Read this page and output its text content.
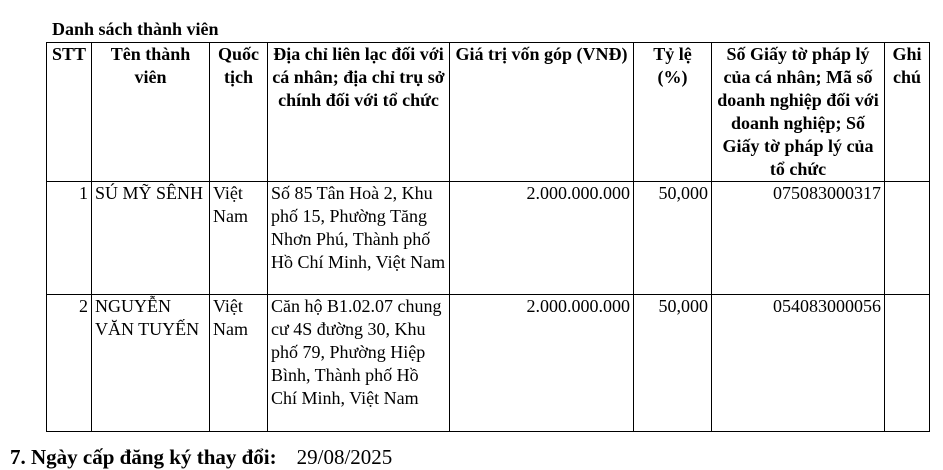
Danh sách thành viên
STT	Tên thành viên	Quốc tịch	Địa chỉ liên lạc đối với cá nhân; địa chỉ trụ sở chính đối với tổ chức	Giá trị vốn góp (VNĐ)	Tỷ lệ (%)	Số Giấy tờ pháp lý của cá nhân; Mã số doanh nghiệp đối với doanh nghiệp; Số Giấy tờ pháp lý của tổ chức	Ghi chú
1	SÚ MỸ SÊNH	Việt Nam	Số 85 Tân Hoà 2, Khu phố 15, Phường Tăng Nhơn Phú, Thành phố Hồ Chí Minh, Việt Nam	2.000.000.000	50,000	075083000317	
2	NGUYỄN VĂN TUYẾN	Việt Nam	Căn hộ B1.02.07 chung cư 4S đường 30, Khu phố 79, Phường Hiệp Bình, Thành phố Hồ Chí Minh, Việt Nam	2.000.000.000	50,000	054083000056	
7. Ngày cấp đăng ký thay đổi: 29/08/2025
